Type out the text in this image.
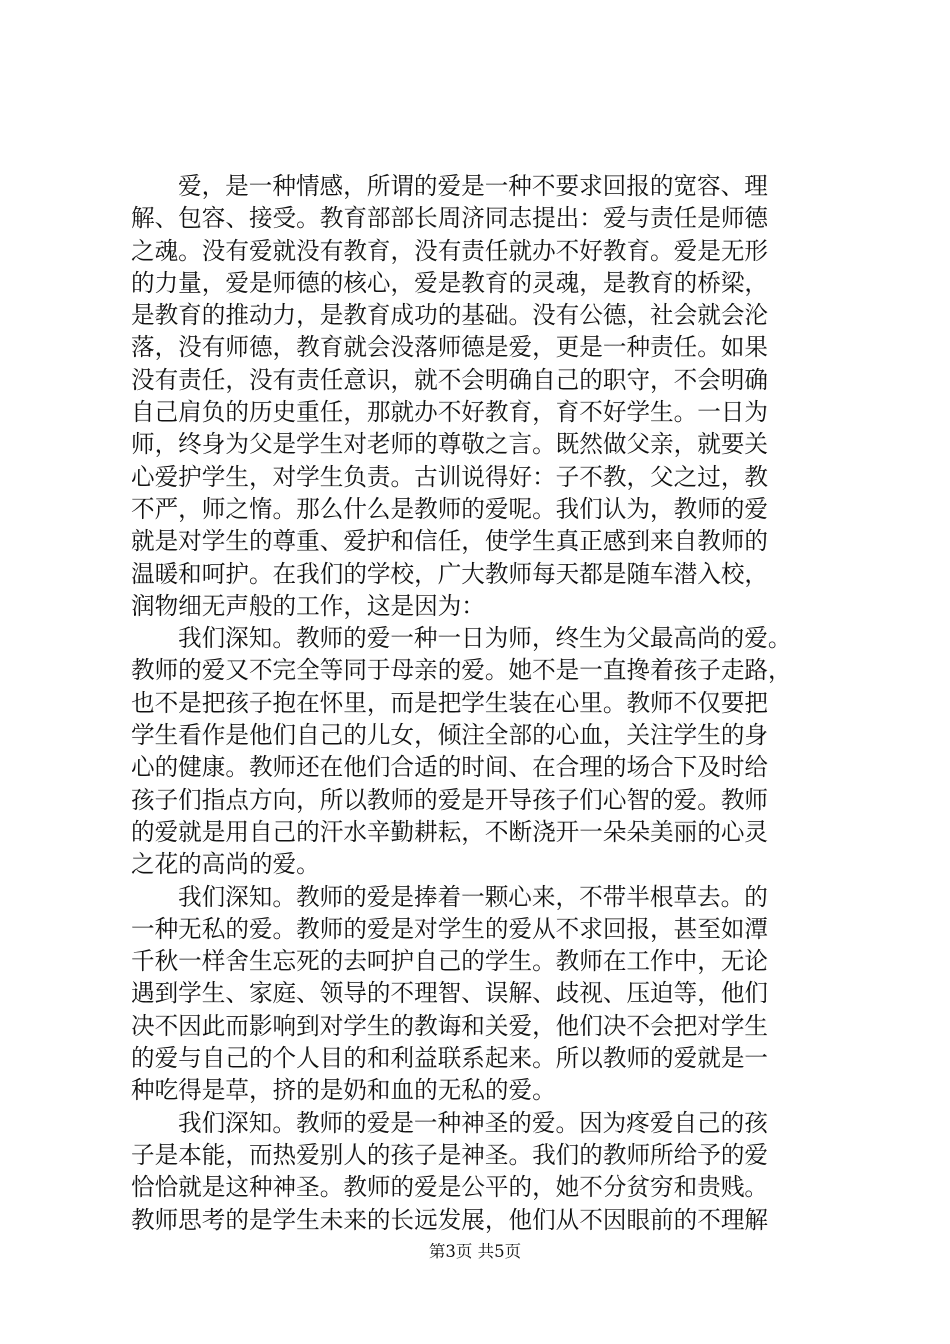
爱，是一种情感，所谓的爱是一种不要求回报的宽容、理
解、包容、接受。教育部部长周济同志提出：爱与责任是师德
之魂。没有爱就没有教育，没有责任就办不好教育。爱是无形
的力量，爱是师德的核心，爱是教育的灵魂，是教育的桥梁，
是教育的推动力，是教育成功的基础。没有公德，社会就会沦
落，没有师德，教育就会没落师德是爱，更是一种责任。如果
没有责任，没有责任意识，就不会明确自己的职守，不会明确
自己肩负的历史重任，那就办不好教育，育不好学生。一日为
师，终身为父是学生对老师的尊敬之言。既然做父亲，就要关
心爱护学生，对学生负责。古训说得好：子不教，父之过，教
不严，师之惰。那么什么是教师的爱呢。我们认为，教师的爱
就是对学生的尊重、爱护和信任，使学生真正感到来自教师的
温暖和呵护。在我们的学校，广大教师每天都是随车潜入校，
润物细无声般的工作，这是因为：
我们深知。教师的爱一种一日为师，终生为父最高尚的爱。
教师的爱又不完全等同于母亲的爱。她不是一直搀着孩子走路，
也不是把孩子抱在怀里，而是把学生装在心里。教师不仅要把
学生看作是他们自己的儿女，倾注全部的心血，关注学生的身
心的健康。教师还在他们合适的时间、在合理的场合下及时给
孩子们指点方向，所以教师的爱是开导孩子们心智的爱。教师
的爱就是用自己的汗水辛勤耕耘，不断浇开一朵朵美丽的心灵
之花的高尚的爱。
我们深知。教师的爱是捧着一颗心来，不带半根草去。的
一种无私的爱。教师的爱是对学生的爱从不求回报，甚至如潭
千秋一样舍生忘死的去呵护自己的学生。教师在工作中，无论
遇到学生、家庭、领导的不理智、误解、歧视、压迫等，他们
决不因此而影响到对学生的教诲和关爱，他们决不会把对学生
的爱与自己的个人目的和利益联系起来。所以教师的爱就是一
种吃得是草，挤的是奶和血的无私的爱。
我们深知。教师的爱是一种神圣的爱。因为疼爱自己的孩
子是本能，而热爱别人的孩子是神圣。我们的教师所给予的爱
恰恰就是这种神圣。教师的爱是公平的，她不分贫穷和贵贱。
教师思考的是学生未来的长远发展，他们从不因眼前的不理解
第3页 共5页
